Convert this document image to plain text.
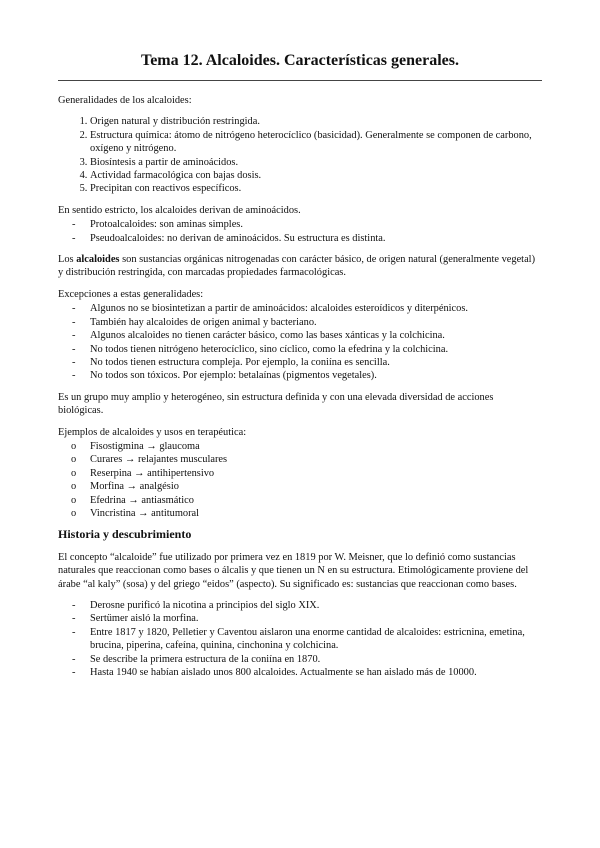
Tema 12. Alcaloides. Características generales.

Generalidades de los alcaloides:

1. Origen natural y distribución restringida.
2. Estructura química: átomo de nitrógeno heterocíclico (basicidad). Generalmente se componen de carbono, oxígeno y nitrógeno.
3. Biosíntesis a partir de aminoácidos.
4. Actividad farmacológica con bajas dosis.
5. Precipitan con reactivos específicos.

En sentido estricto, los alcaloides derivan de aminoácidos.

- Protoalcaloides: son aminas simples.
- Pseudoalcaloides: no derivan de aminoácidos. Su estructura es distinta.

Los alcaloides son sustancias orgánicas nitrogenadas con carácter básico, de origen natural (generalmente vegetal) y distribución restringida, con marcadas propiedades farmacológicas.

Excepciones a estas generalidades:

- Algunos no se biosintetizan a partir de aminoácidos: alcaloides esteroídicos y diterpénicos.
- También hay alcaloides de origen animal y bacteriano.
- Algunos alcaloides no tienen carácter básico, como las bases xánticas y la colchicina.
- No todos tienen nitrógeno heterocíclico, sino cíclico, como la efedrina y la colchicina.
- No todos tienen estructura compleja. Por ejemplo, la coniína es sencilla.
- No todos son tóxicos. Por ejemplo: betalaínas (pigmentos vegetales).

Es un grupo muy amplio y heterogéneo, sin estructura definida y con una elevada diversidad de acciones biológicas.

Ejemplos de alcaloides y usos en terapéutica:

o Fisostigmina → glaucoma
o Curares → relajantes musculares
o Reserpina → antihipertensivo
o Morfina → analgésio
o Efedrina → antiasmático
o Vincristina → antitumoral
Historia y descubrimiento

El concepto “alcaloide” fue utilizado por primera vez en 1819 por W. Meisner, que lo definió como sustancias naturales que reaccionan como bases o álcalis y que tienen un N en su estructura. Etimológicamente proviene del árabe “al kaly” (sosa) y del griego “eidos” (aspecto). Su significado es: sustancias que reaccionan como bases.

- Derosne purificó la nicotina a principios del siglo XIX.
- Sertümer aisló la morfina.
- Entre 1817 y 1820, Pelletier y Caventou aislaron una enorme cantidad de alcaloides: estricnina, emetina, brucina, piperina, cafeína, quinina, cinchonina y colchicina.
- Se describe la primera estructura de la coniína en 1870.
- Hasta 1940 se habían aislado unos 800 alcaloides. Actualmente se han aislado más de 10000.
